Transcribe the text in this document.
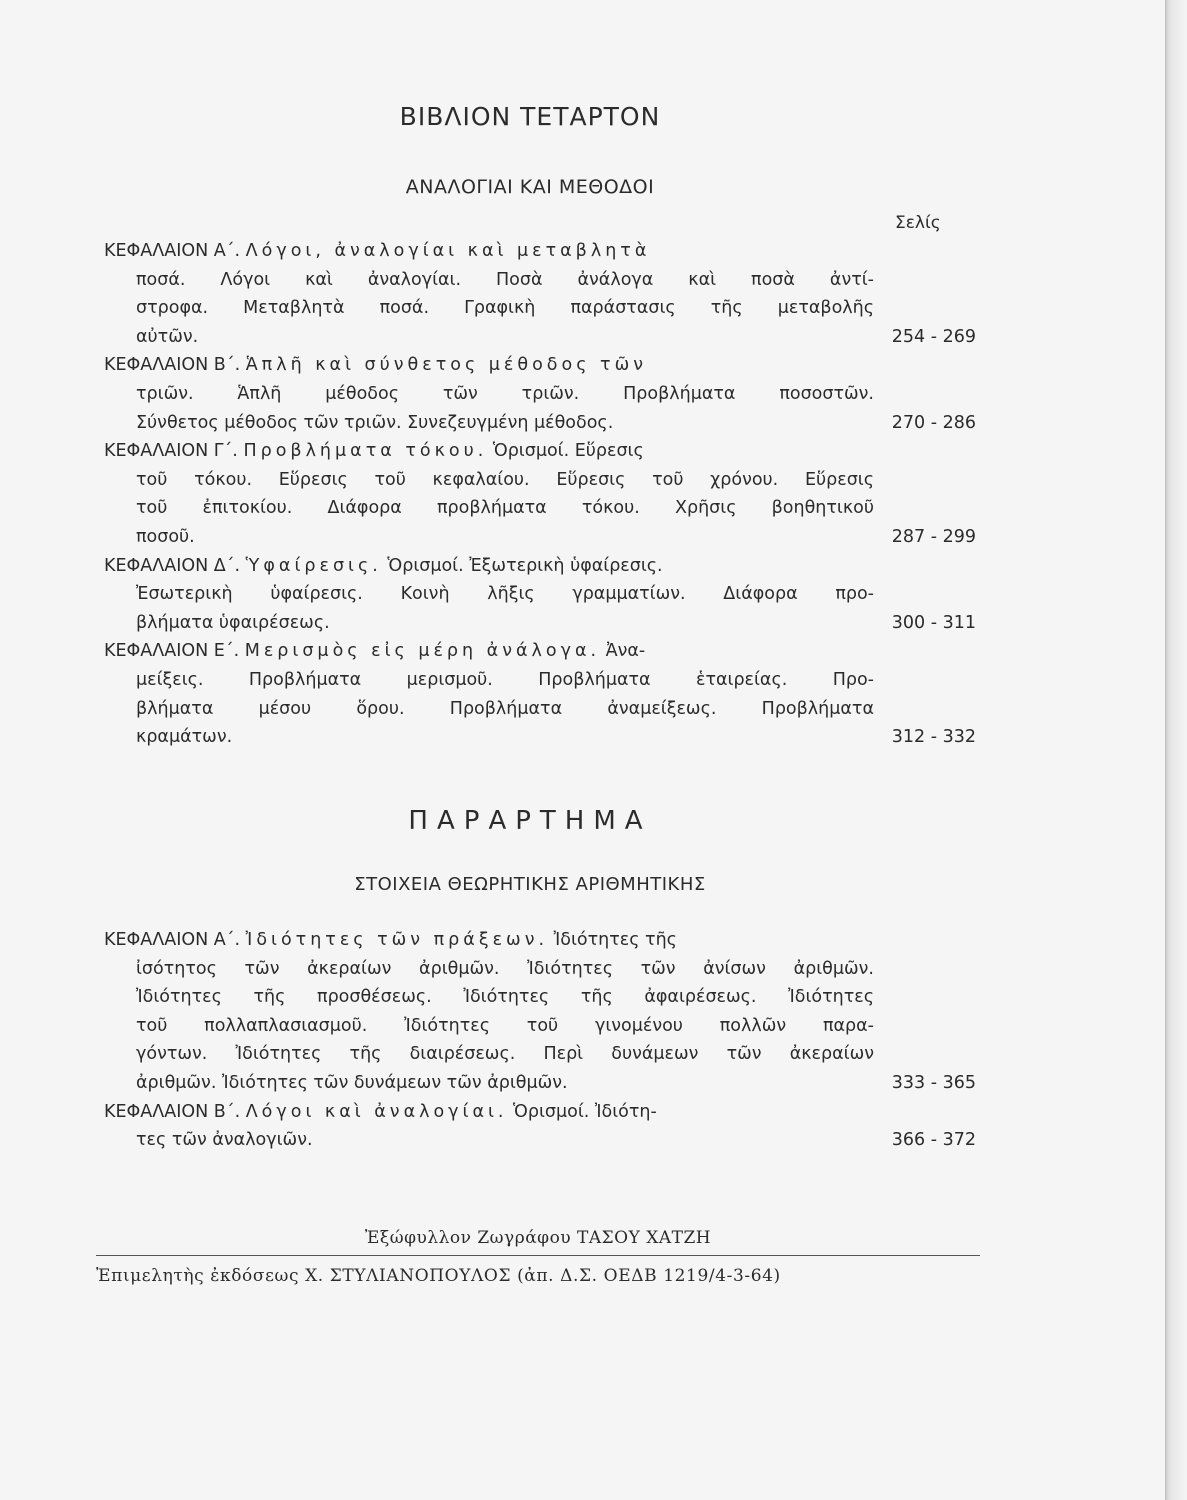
ΒΙΒΛΙΟΝ ΤΕΤΑΡΤΟΝ
ΑΝΑΛΟΓΙΑΙ ΚΑΙ ΜΕΘΟΔΟΙ
Σελίς
ΚΕΦΑΛΑΙΟΝ Α΄. Λόγοι, ἀναλογίαι καὶ μεταβλητὰ
ποσά. Λόγοι καὶ ἀναλογίαι. Ποσὰ ἀνάλογα καὶ ποσὰ ἀντί-
στροφα. Μεταβλητὰ ποσά. Γραφικὴ παράστασις τῆς μεταβολῆς
αὐτῶν.	254 - 269
ΚΕΦΑΛΑΙΟΝ Β΄. Ἁπλῆ καὶ σύνθετος μέθοδος τῶν
τριῶν. Ἁπλῆ μέθοδος τῶν τριῶν. Προβλήματα ποσοστῶν.
Σύνθετος μέθοδος τῶν τριῶν. Συνεζευγμένη μέθοδος.	270 - 286
ΚΕΦΑΛΑΙΟΝ Γ΄. Προβλήματα τόκου. Ὁρισμοί. Εὕρεσις
τοῦ τόκου. Εὕρεσις τοῦ κεφαλαίου. Εὕρεσις τοῦ χρόνου. Εὕρεσις
τοῦ ἐπιτοκίου. Διάφορα προβλήματα τόκου. Χρῆσις βοηθητικοῦ
ποσοῦ.	287 - 299
ΚΕΦΑΛΑΙΟΝ Δ΄. Ὑφαίρεσις. Ὁρισμοί. Ἐξωτερικὴ ὑφαίρεσις.
Ἐσωτερικὴ ὑφαίρεσις. Κοινὴ λῆξις γραμματίων. Διάφορα προ-
βλήματα ὑφαιρέσεως.	300 - 311
ΚΕΦΑΛΑΙΟΝ Ε΄. Μερισμὸς εἰς μέρη ἀνάλογα. Ἀνα-
μείξεις. Προβλήματα μερισμοῦ. Προβλήματα ἑταιρείας. Προ-
βλήματα μέσου ὅρου. Προβλήματα ἀναμείξεως. Προβλήματα
κραμάτων.	312 - 332
ΠΑΡΑΡΤΗΜΑ
ΣΤΟΙΧΕΙΑ ΘΕΩΡΗΤΙΚΗΣ ΑΡΙΘΜΗΤΙΚΗΣ
ΚΕΦΑΛΑΙΟΝ Α΄. Ἰδιότητες τῶν πράξεων. Ἰδιότητες τῆς
ἰσότητος τῶν ἀκεραίων ἀριθμῶν. Ἰδιότητες τῶν ἀνίσων ἀριθμῶν.
Ἰδιότητες τῆς προσθέσεως. Ἰδιότητες τῆς ἀφαιρέσεως. Ἰδιότητες
τοῦ πολλαπλασιασμοῦ. Ἰδιότητες τοῦ γινομένου πολλῶν παρα-
γόντων. Ἰδιότητες τῆς διαιρέσεως. Περὶ δυνάμεων τῶν ἀκεραίων
ἀριθμῶν. Ἰδιότητες τῶν δυνάμεων τῶν ἀριθμῶν.	333 - 365
ΚΕΦΑΛΑΙΟΝ Β΄. Λόγοι καὶ ἀναλογίαι. Ὁρισμοί. Ἰδιότη-
τες τῶν ἀναλογιῶν.	366 - 372
Ἐξώφυλλον Ζωγράφου ΤΑΣΟΥ ΧΑΤΖΗ
Ἐπιμελητὴς ἐκδόσεως Χ. ΣΤΥΛΙΑΝΟΠΟΥΛΟΣ (ἀπ. Δ.Σ. ΟΕΔΒ 1219/4-3-64)
